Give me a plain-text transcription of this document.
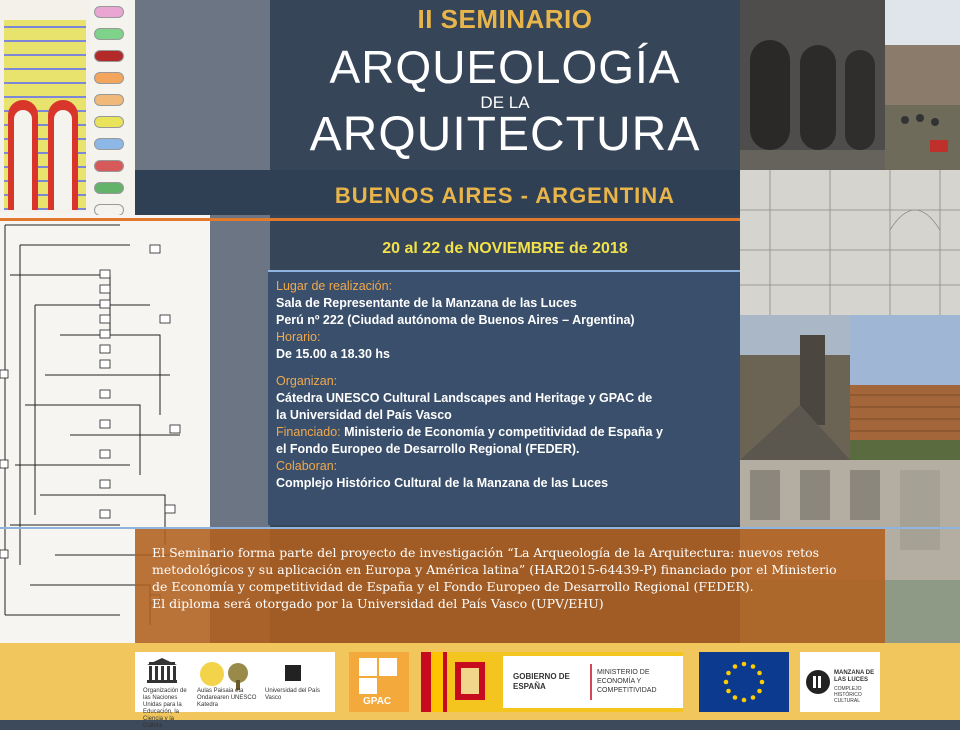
II SEMINARIO
ARQUEOLOGÍA
DE LA
ARQUITECTURA
BUENOS AIRES - ARGENTINA
20 al 22 de NOVIEMBRE de 2018
Lugar de realización:
Sala de Representante de la Manzana de las Luces
Perú nº 222 (Ciudad autónoma de Buenos Aires – Argentina)
Horario:
De 15.00 a 18.30 hs
Organizan:
Cátedra UNESCO Cultural Landscapes and Heritage y GPAC de
la Universidad del País Vasco
Financiado: Ministerio de Economía y competitividad de España y
el Fondo Europeo de Desarrollo Regional (FEDER).
Colaboran:
Complejo Histórico Cultural de la Manzana de las Luces

El Seminario forma parte del proyecto de investigación “La Arqueología de la Arquitectura: nuevos retos

metodológicos y su aplicación en Europa y América latina” (HAR2015-64439-P) financiado por el Ministerio

de Economía y competitividad de España y el Fondo Europeo de Desarrollo Regional (FEDER).

El diploma será otorgado por la Universidad del País Vasco (UPV/EHU)

Organización de las Naciones Unidas para la Educación, la Ciencia y la Cultura
Aulas Paisaia eta Ondarearen UNESCO Katedra
Universidad del País Vasco	GPAC
GOBIERNO DE ESPAÑA
MINISTERIO DE ECONOMÍA Y COMPETITIVIDAD
MANZANA DE LAS LUCES
COMPLEJO HISTÓRICO CULTURAL
